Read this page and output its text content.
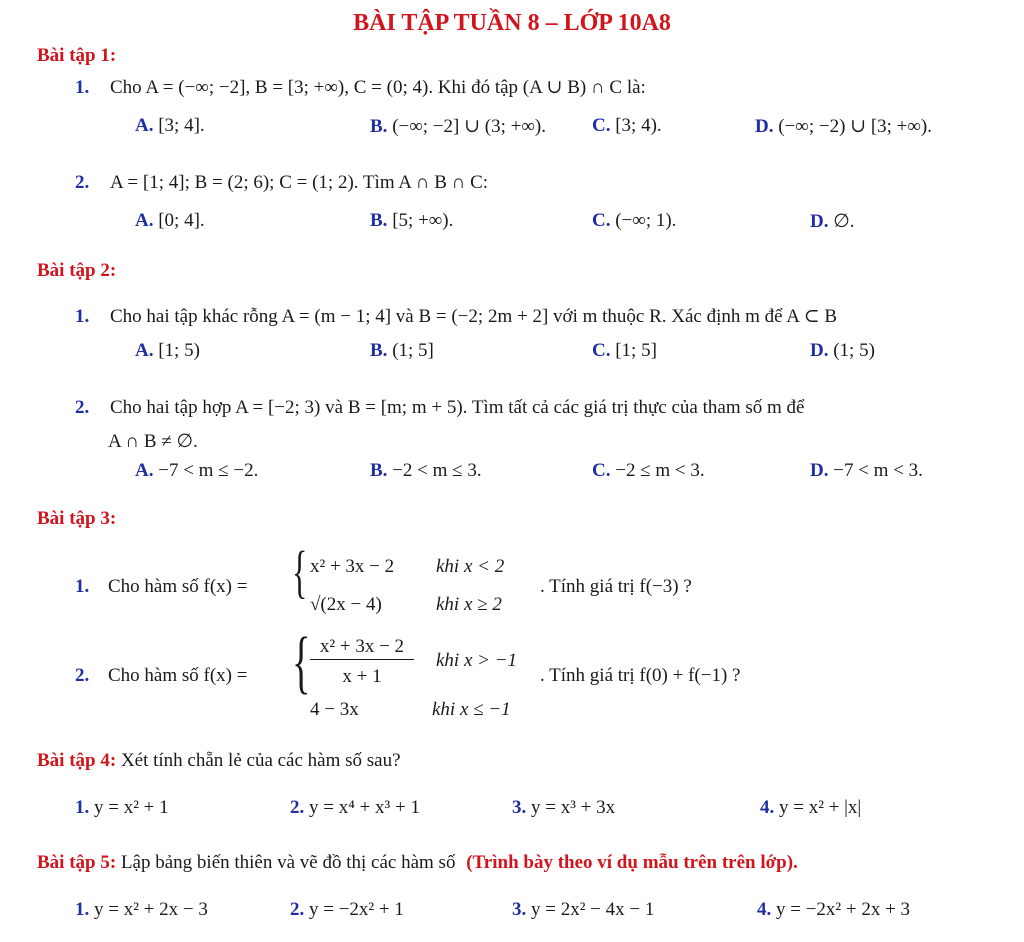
BÀI TẬP TUẦN 8 – LỚP 10A8
Bài tập 1:
1. Cho A = (−∞; −2], B = [3; +∞), C = (0; 4). Khi đó tập (A ∪ B) ∩ C là:
A. [3; 4].	B. (−∞; −2] ∪ (3; +∞). C. [3; 4).	D. (−∞; −2) ∪ [3; +∞).
2. A = [1; 4]; B = (2; 6); C = (1; 2). Tìm A ∩ B ∩ C:
A. [0; 4].	B. [5; +∞).	C. (−∞; 1).	D. ∅.
Bài tập 2:
1. Cho hai tập khác rỗng A = (m − 1; 4] và B = (−2; 2m + 2] với m thuộc R. Xác định m để A ⊂ B
A. [1; 5)	B. (1; 5]	C. [1; 5]	D. (1; 5)
2. Cho hai tập hợp A = [−2; 3) và B = [m; m + 5). Tìm tất cả các giá trị thực của tham số m để
A ∩ B ≠ ∅.
A. −7 < m ≤ −2.	B. −2 < m ≤ 3.	C. −2 ≤ m < 3.	D. −7 < m < 3.
Bài tập 3:
1. Cho hàm số f(x) = { x² + 3x − 2 khi x < 2
√(2x − 4)	khi x ≥ 2
. Tính giá trị f(−3) ?
2. Cho hàm số f(x) = { x² + 3x − 2
x + 1
khi x > −1
4 − 3x	khi x ≤ −1
. Tính giá trị f(0) + f(−1) ?
Bài tập 4: Xét tính chẵn lẻ của các hàm số sau?
1. y = x² + 1	2. y = x⁴ + x³ + 1	3. y = x³ + 3x	4. y = x² + |x|
Bài tập 5: Lập bảng biến thiên và vẽ đồ thị các hàm số (Trình bày theo ví dụ mẫu trên trên lớp).
1. y = x² + 2x − 3	2. y = −2x² + 1	3. y = 2x² − 4x − 1	4. y = −2x² + 2x + 3
